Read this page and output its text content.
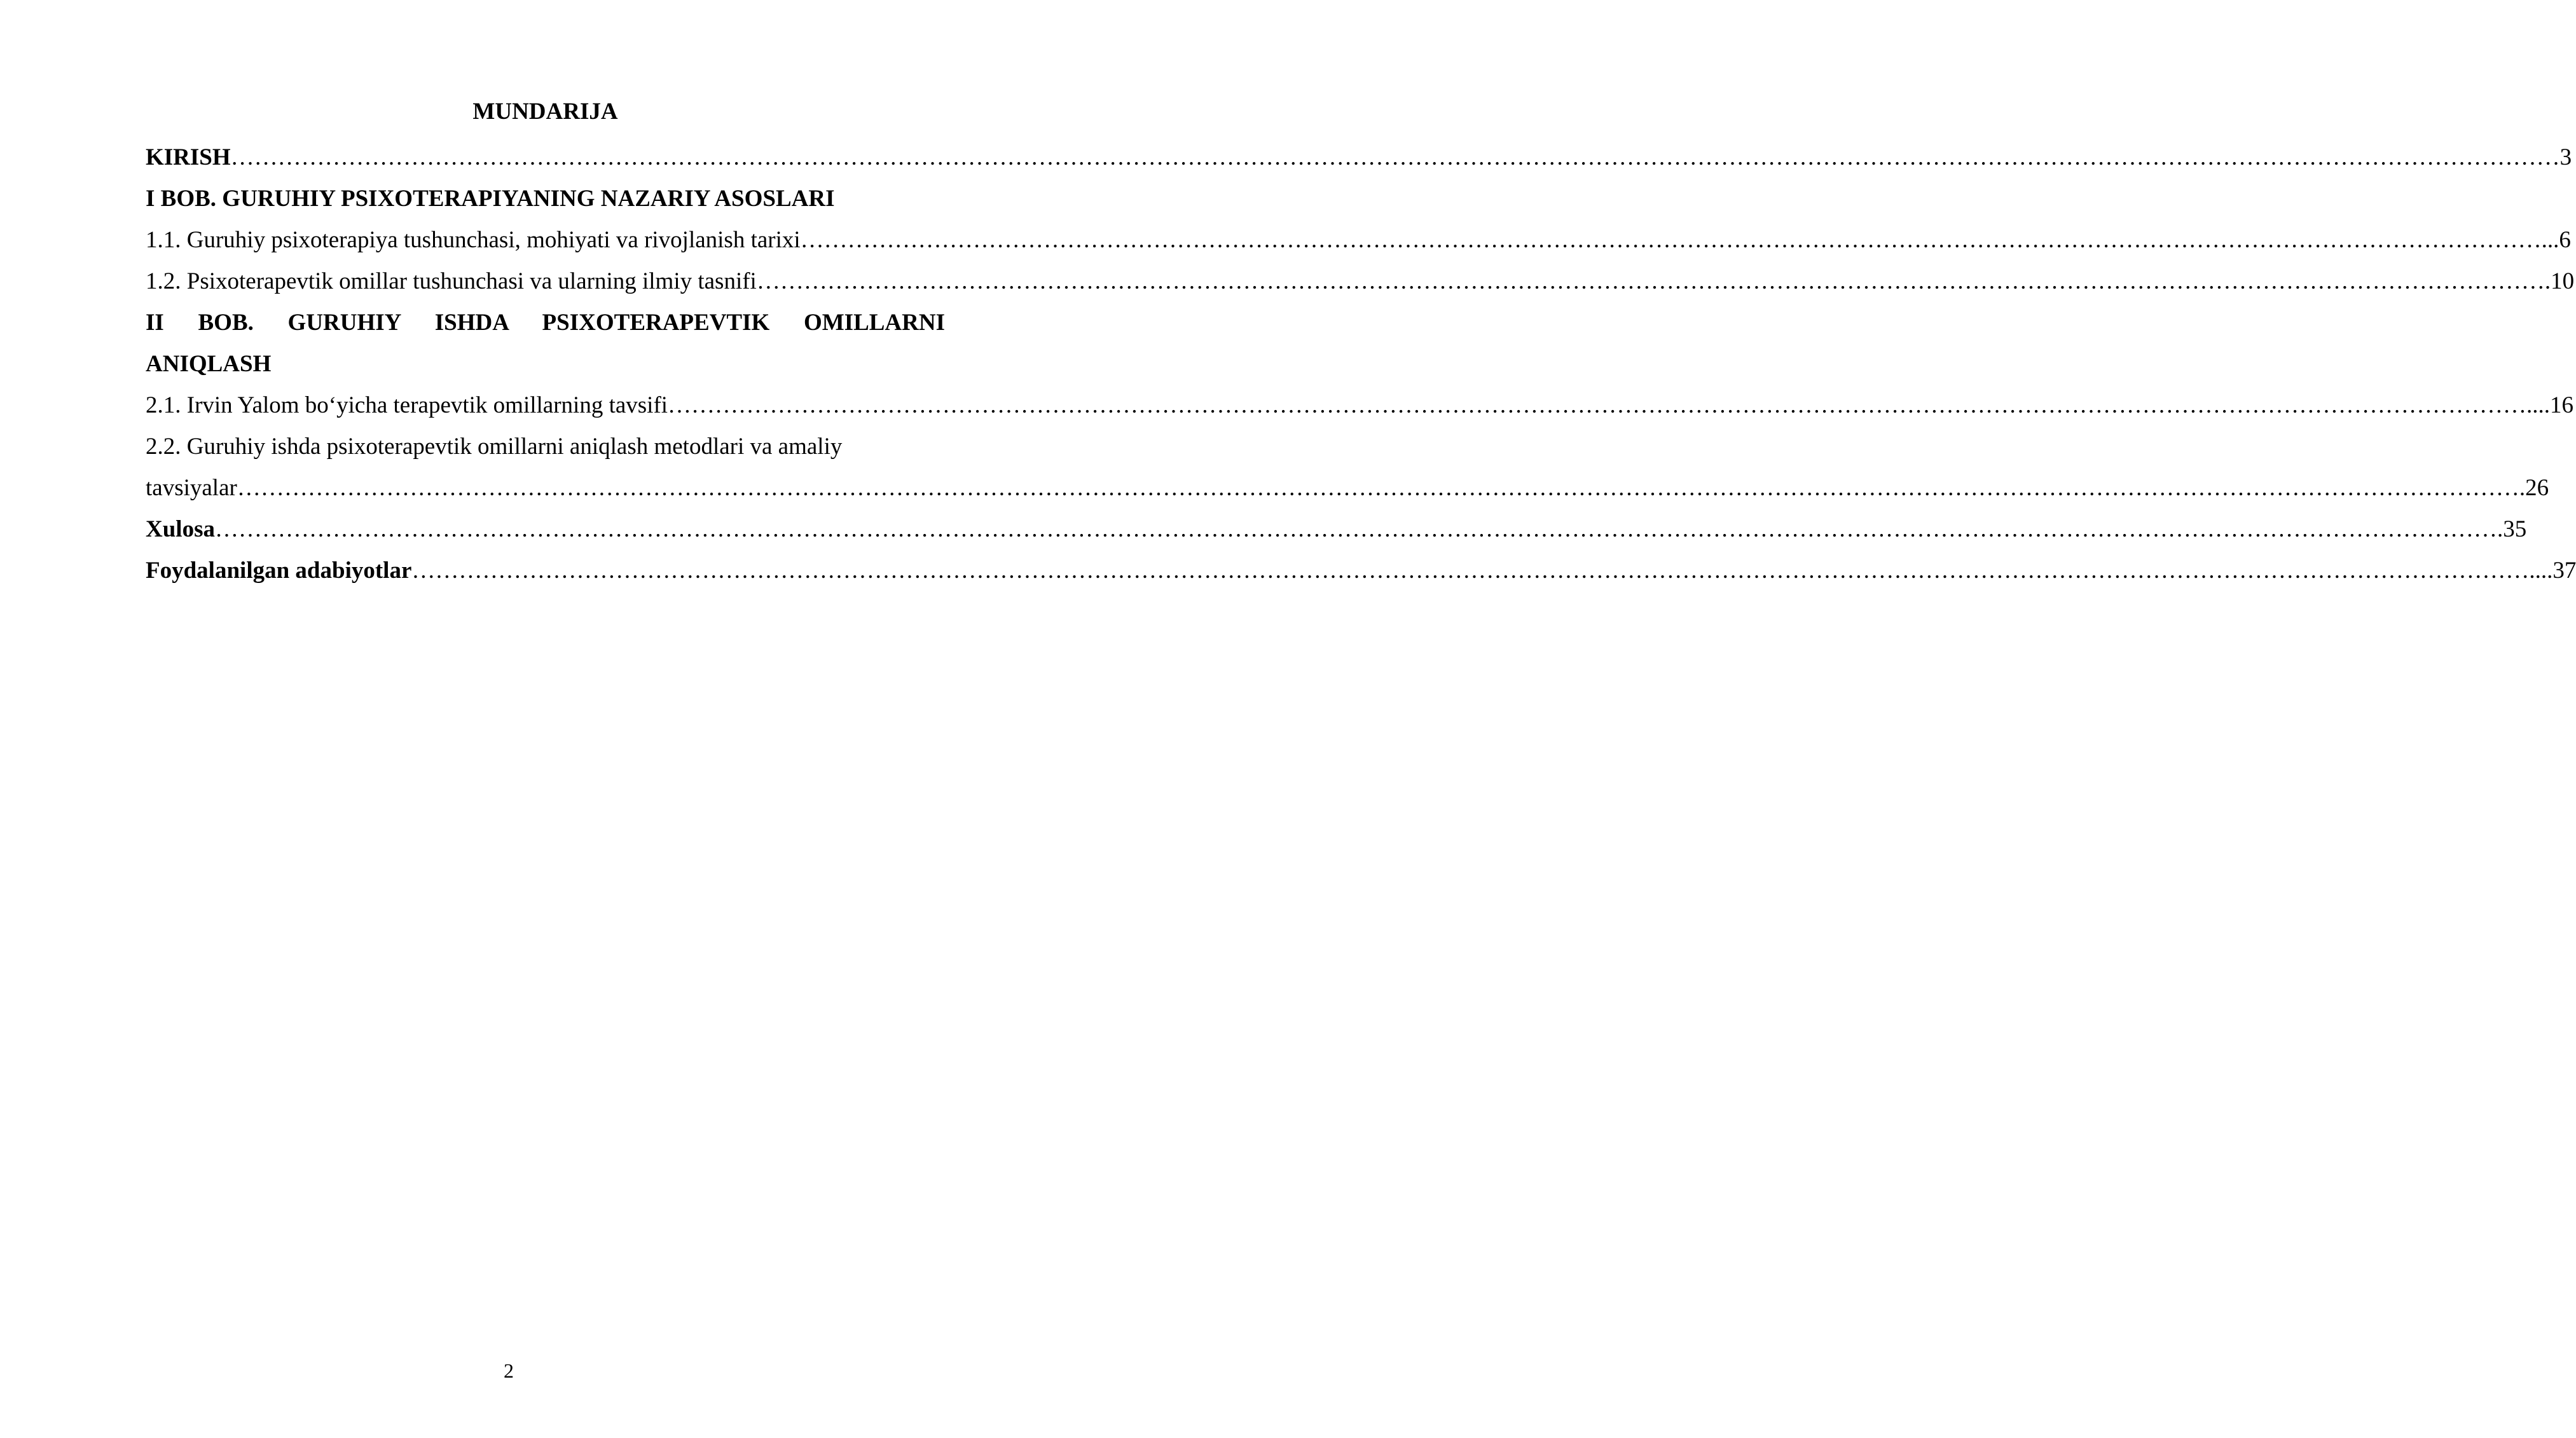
MUNDARIJA
KIRISH	………………………………………………………………………………………………………………………………………………………………………………………… …………………………………………………………………………… 3
I BOB. GURUHIY PSIXOTERAPIYANING NAZARIY ASOSLARI
1.1. Guruhiy psixoterapiya tushunchasi, mohiyati va rivojlanish tarixi	………………………………………………………………………………………………………………………………………………………………………………………… …………... 6
1.2. Psixoterapevtik omillar tushunchasi va ularning ilmiy tasnifi	………………………………………………………………………………………………………………………………………………………………………………………… ………………. 10
II BOB. GURUHIY ISHDA PSIXOTERAPEVTIK OMILLARNI
ANIQLASH
2.1. Irvin Yalom bo‘yicha terapevtik omillarning tavsifi	………………………………………………………………………………………………………………………………………………………………………………………… ……………………….... 16
2.2. Guruhiy ishda psixoterapevtik omillarni aniqlash metodlari va amaliy
tavsiyalar	………………………………………………………………………………………………………………………………………………………………………………………… ………………………………………………………………………. 26
Xulosa	………………………………………………………………………………………………………………………………………………………………………………………… ………………………………………………………………………. 35
Foydalanilgan adabiyotlar	………………………………………………………………………………………………………………………………………………………………………………………… …………………………………………………….... 37
2
